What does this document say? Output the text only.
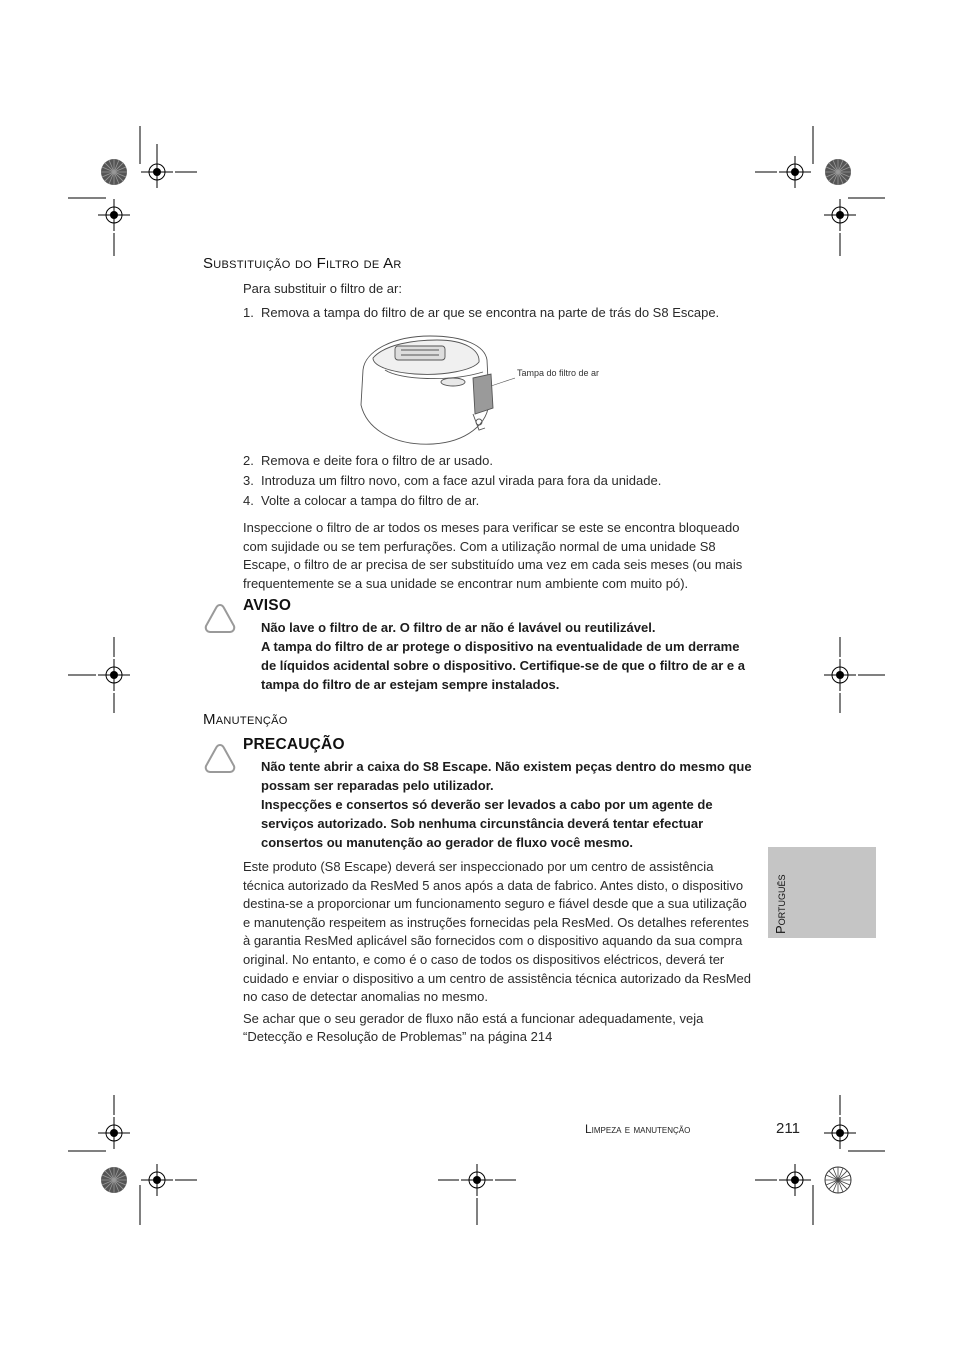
Substituição do Filtro de Ar
Para substituir o filtro de ar:
1. Remova a tampa do filtro de ar que se encontra na parte de trás do S8 Escape.
Tampa do filtro de ar
2. Remova e deite fora o filtro de ar usado.
3. Introduza um filtro novo, com a face azul virada para fora da unidade.
4. Volte a colocar a tampa do filtro de ar.

Inspeccione o filtro de ar todos os meses para verificar se este se encontra bloqueado com sujidade ou se tem perfurações. Com a utilização normal de uma unidade S8 Escape, o filtro de ar precisa de ser substituído uma vez em cada seis meses (ou mais frequentemente se a sua unidade se encontrar num ambiente com muito pó).

AVISO

Não lave o filtro de ar. O filtro de ar não é lavável ou reutilizável.

A tampa do filtro de ar protege o dispositivo na eventualidade de um derrame de líquidos acidental sobre o dispositivo. Certifique-se de que o filtro de ar e a tampa do filtro de ar estejam sempre instalados.

Manutenção
PRECAUÇÃO

Não tente abrir a caixa do S8 Escape. Não existem peças dentro do mesmo que possam ser reparadas pelo utilizador.

Inspecções e consertos só deverão ser levados a cabo por um agente de serviços autorizado. Sob nenhuma circunstância deverá tentar efectuar consertos ou manutenção ao gerador de fluxo você mesmo.

Este produto (S8 Escape) deverá ser inspeccionado por um centro de assistência técnica autorizado da ResMed 5 anos após a data de fabrico. Antes disto, o dispositivo destina-se a proporcionar um funcionamento seguro e fiável desde que a sua utilização e manutenção respeitem as instruções fornecidas pela ResMed. Os detalhes referentes à garantia ResMed aplicável são fornecidos com o dispositivo aquando da sua compra original. No entanto, e como é o caso de todos os dispositivos eléctricos, deverá ter cuidado e enviar o dispositivo a um centro de assistência técnica autorizado da ResMed no caso de detectar anomalias no mesmo.

Se achar que o seu gerador de fluxo não está a funcionar adequadamente, veja “Detecção e Resolução de Problemas” na página 214

Português
Limpeza e manutenção	211
